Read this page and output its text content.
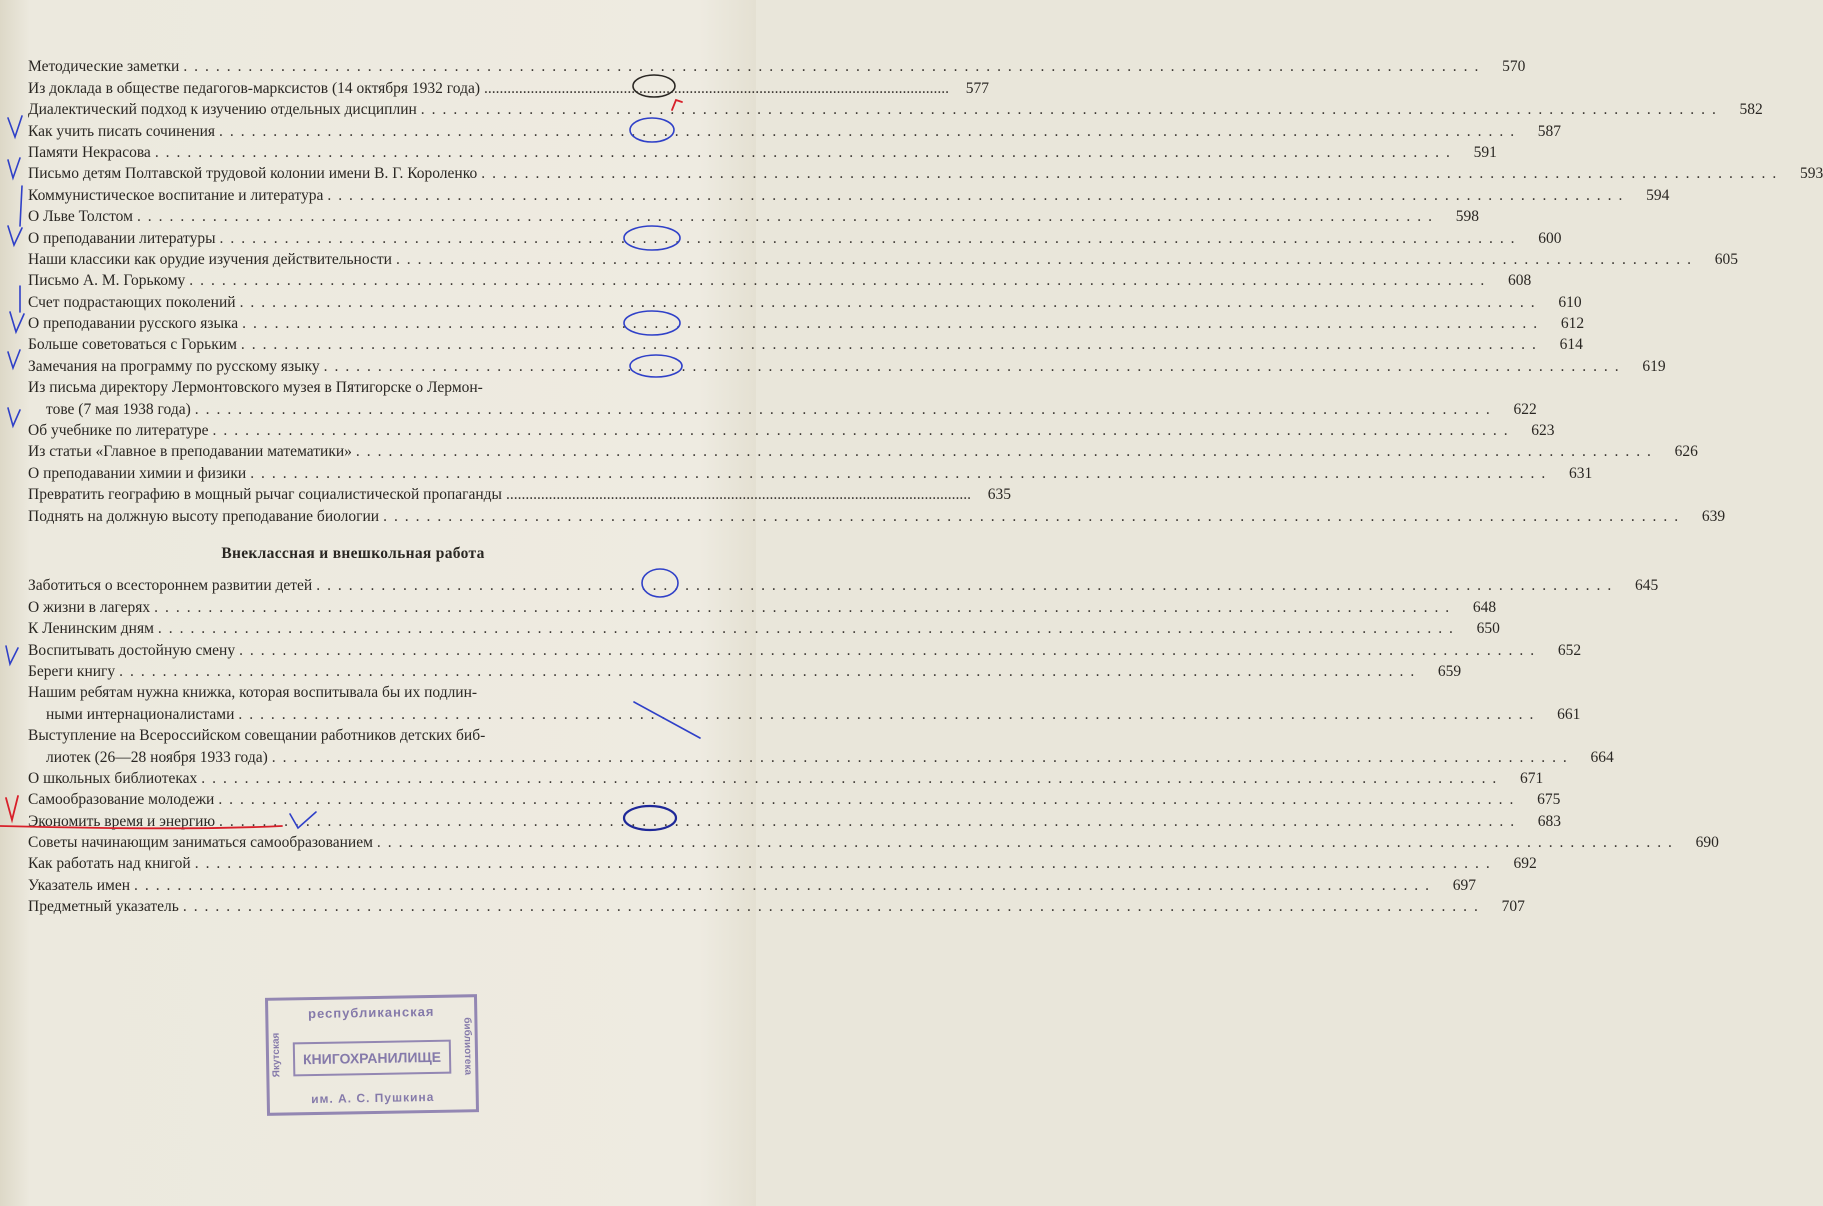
Методические заметки ........................................................................................................................	570
Из доклада в обществе педагогов-марксистов (14 октября 1932 года) ........................................................................................................................	577
Диалектический подход к изучению отдельных дисциплин ........................................................................................................................	582
Как учить писать сочинения ........................................................................................................................	587
Памяти Некрасова ........................................................................................................................	591
Письмо детям Полтавской трудовой колонии имени В. Г. Короленко ........................................................................................................................	593
Коммунистическое воспитание и литература ........................................................................................................................	594
О Льве Толстом ........................................................................................................................	598
О преподавании литературы ........................................................................................................................	600
Наши классики как орудие изучения действительности ........................................................................................................................	605
Письмо А. М. Горькому ........................................................................................................................	608
Счет подрастающих поколений ........................................................................................................................	610
О преподавании русского языка ........................................................................................................................	612
Больше советоваться с Горьким ........................................................................................................................	614
Замечания на программу по русскому языку ........................................................................................................................	619
Из письма директору Лермонтовского музея в Пятигорске о Лермон-
тове (7 мая 1938 года) ........................................................................................................................	622
Об учебнике по литературе ........................................................................................................................	623
Из статьи «Главное в преподавании математики» ........................................................................................................................	626
О преподавании химии и физики ........................................................................................................................	631
Превратить географию в мощный рычаг социалистической пропаганды ........................................................................................................................	635
Поднять на должную высоту преподавание биологии ........................................................................................................................	639
Внеклассная и внешкольная работа
Заботиться о всестороннем развитии детей ........................................................................................................................	645
О жизни в лагерях ........................................................................................................................	648
К Ленинским дням ........................................................................................................................	650
Воспитывать достойную смену ........................................................................................................................	652
Береги книгу ........................................................................................................................	659
Нашим ребятам нужна книжка, которая воспитывала бы их подлин-
ными интернационалистами ........................................................................................................................	661
Выступление на Всероссийском совещании работников детских биб-
лиотек (26—28 ноября 1933 года) ........................................................................................................................	664
О школьных библиотеках ........................................................................................................................	671
Самообразование молодежи ........................................................................................................................	675
Экономить время и энергию ........................................................................................................................	683
Советы начинающим заниматься самообразованием ........................................................................................................................	690
Как работать над книгой ........................................................................................................................	692
Указатель имен ........................................................................................................................	697
Предметный указатель ........................................................................................................................	707
республиканская
Якутская	библиотека
КНИГОХРАНИЛИЩЕ
им. А. С. Пушкина
